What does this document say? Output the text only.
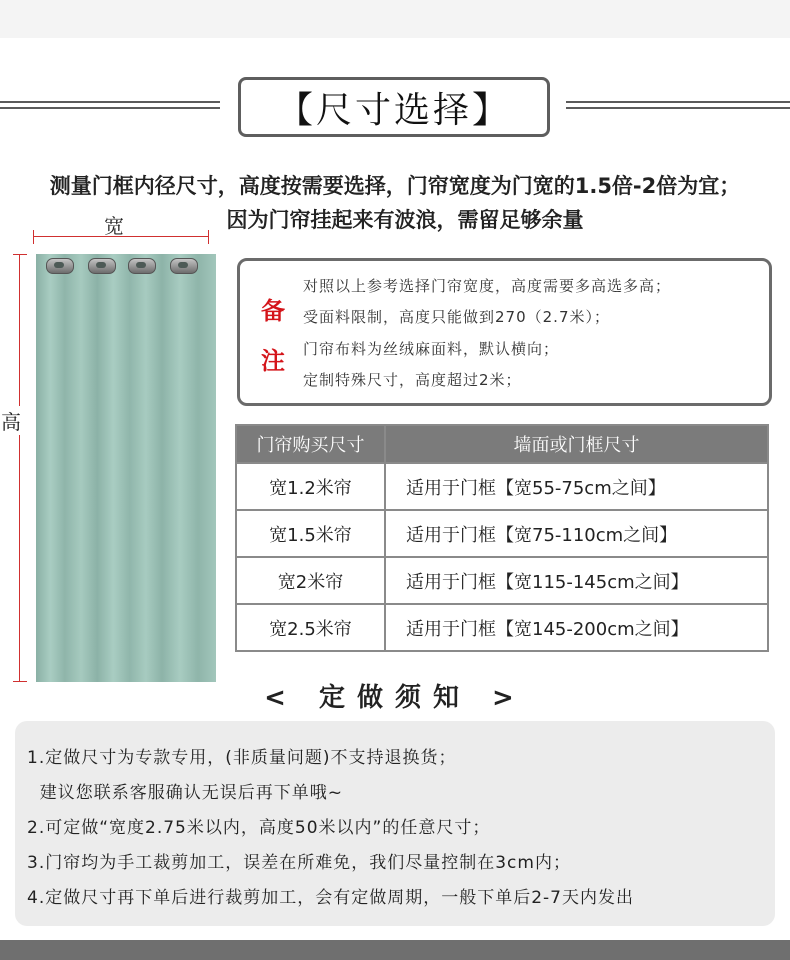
【尺寸选择】
测量门框内径尺寸，高度按需要选择，门帘宽度为门宽的1.5倍-2倍为宜；
因为门帘挂起来有波浪，需留足够余量
宽
高
备
注
对照以上参考选择门帘宽度，高度需要多高选多高；
受面料限制，高度只能做到270（2.7米）；
门帘布料为丝绒麻面料，默认横向；
定制特殊尺寸，高度超过2米；
门帘购买尺寸	墙面或门框尺寸
宽1.2米帘	适用于门框【宽55-75cm之间】
宽1.5米帘	适用于门框【宽75-110cm之间】
宽2米帘	适用于门框【宽115-145cm之间】
宽2.5米帘	适用于门框【宽145-200cm之间】
< 定做须知 >
1.定做尺寸为专款专用，(非质量问题)不支持退换货；
建议您联系客服确认无误后再下单哦~
2.可定做“宽度2.75米以内，高度50米以内”的任意尺寸；
3.门帘均为手工裁剪加工，误差在所难免，我们尽量控制在3cm内；
4.定做尺寸再下单后进行裁剪加工，会有定做周期，一般下单后2-7天内发出
